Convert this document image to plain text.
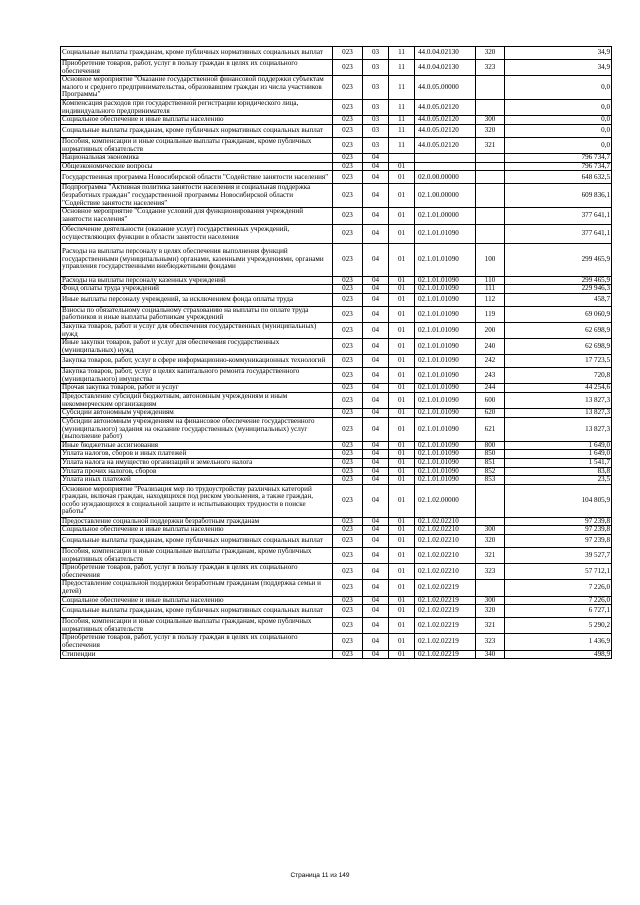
Социальные выплаты гражданам, кроме публичных нормативных социальных выплат	023	03	11	44.0.04.02130	320	34,9
Приобретение товаров, работ, услуг в пользу граждан в целях их социального обеспечения	023	03	11	44.0.04.02130	323	34,9
Основное мероприятие "Оказание государственной финансовой поддержки субъектам малого и среднего предпринимательства, образовавшим граждан из числа участников Программы"	023	03	11	44.0.05.00000		0,0
Компенсация расходов при государственной регистрации юридического лица, индивидуального предпринимателя	023	03	11	44.0.05.02120		0,0
Социальное обеспечение и иные выплаты населению	023	03	11	44.0.05.02120	300	0,0
Социальные выплаты гражданам, кроме публичных нормативных социальных выплат	023	03	11	44.0.05.02120	320	0,0
Пособия, компенсации и иные социальные выплаты гражданам, кроме публичных нормативных обязательств	023	03	11	44.0.05.02120	321	0,0
Национальная экономика	023	04				796 734,7
Общеэкономические вопросы	023	04	01			796 734,7
Государственная программа Новосибирской области "Содействие занятости населения"	023	04	01	02.0.00.00000		648 632,5
Подпрограмма "Активная политика занятости населения и социальная поддержка безработных граждан" государственной программы Новосибирской области "Содействие занятости населения"	023	04	01	02.1.00.00000		609 836,1
Основное мероприятие "Создание условий для функционирования учреждений занятости населения"	023	04	01	02.1.01.00000		377 641,1
Обеспечение деятельности (оказание услуг) государственных учреждений, осуществляющих функции в области занятости населения	023	04	01	02.1.01.01090		377 641,1
Расходы на выплаты персоналу в целях обеспечения выполнения функций государственными (муниципальными) органами, казенными учреждениями, органами управления государственными внебюджетными фондами	023	04	01	02.1.01.01090	100	299 465,9
Расходы на выплаты персоналу казенных учреждений	023	04	01	02.1.01.01090	110	299 465,9
Фонд оплаты труда учреждений	023	04	01	02.1.01.01090	111	229 946,3
Иные выплаты персоналу учреждений, за исключением фонда оплаты труда	023	04	01	02.1.01.01090	112	458,7
Взносы по обязательному социальному страхованию на выплаты по оплате труда работников и иные выплаты работникам учреждений	023	04	01	02.1.01.01090	119	69 060,9
Закупка товаров, работ и услуг для обеспечения государственных (муниципальных) нужд	023	04	01	02.1.01.01090	200	62 698,9
Иные закупки товаров, работ и услуг для обеспечения государственных (муниципальных) нужд	023	04	01	02.1.01.01090	240	62 698,9
Закупка товаров, работ, услуг в сфере информационно-коммуникационных технологий	023	04	01	02.1.01.01090	242	17 723,5
Закупка товаров, работ, услуг в целях капитального ремонта государственного (муниципального) имущества	023	04	01	02.1.01.01090	243	720,8
Прочая закупка товаров, работ и услуг	023	04	01	02.1.01.01090	244	44 254,6
Предоставление субсидий бюджетным, автономным учреждениям и иным некоммерческим организациям	023	04	01	02.1.01.01090	600	13 827,3
Субсидии автономным учреждениям	023	04	01	02.1.01.01090	620	13 827,3
Субсидии автономным учреждениям на финансовое обеспечение государственного (муниципального) задания на оказание государственных (муниципальных) услуг (выполнение работ)	023	04	01	02.1.01.01090	621	13 827,3
Иные бюджетные ассигнования	023	04	01	02.1.01.01090	800	1 649,0
Уплата налогов, сборов и иных платежей	023	04	01	02.1.01.01090	850	1 649,0
Уплата налога на имущество организаций и земельного налога	023	04	01	02.1.01.01090	851	1 541,7
Уплата прочих налогов, сборов	023	04	01	02.1.01.01090	852	83,8
Уплата иных платежей	023	04	01	02.1.01.01090	853	23,5
Основное мероприятие "Реализация мер по трудоустройству различных категорий граждан, включая граждан, находящихся под риском увольнения, а также граждан, особо нуждающихся в социальной защите и испытывающих трудности в поиске работы"	023	04	01	02.1.02.00000		104 805,9
Предоставление социальной поддержки безработным гражданам	023	04	01	02.1.02.02210		97 239,8
Социальное обеспечение и иные выплаты населению	023	04	01	02.1.02.02210	300	97 239,8
Социальные выплаты гражданам, кроме публичных нормативных социальных выплат	023	04	01	02.1.02.02210	320	97 239,8
Пособия, компенсации и иные социальные выплаты гражданам, кроме публичных нормативных обязательств	023	04	01	02.1.02.02210	321	39 527,7
Приобретение товаров, работ, услуг в пользу граждан в целях их социального обеспечения	023	04	01	02.1.02.02210	323	57 712,1
Предоставление социальной поддержки безработным гражданам (поддержка семьи и детей)	023	04	01	02.1.02.02219		7 226,0
Социальное обеспечение и иные выплаты населению	023	04	01	02.1.02.02219	300	7 226,0
Социальные выплаты гражданам, кроме публичных нормативных социальных выплат	023	04	01	02.1.02.02219	320	6 727,1
Пособия, компенсации и иные социальные выплаты гражданам, кроме публичных нормативных обязательств	023	04	01	02.1.02.02219	321	5 290,2
Приобретение товаров, работ, услуг в пользу граждан в целях их социального обеспечения	023	04	01	02.1.02.02219	323	1 436,9
Стипендии	023	04	01	02.1.02.02219	340	498,9
Страница 11 из 149
